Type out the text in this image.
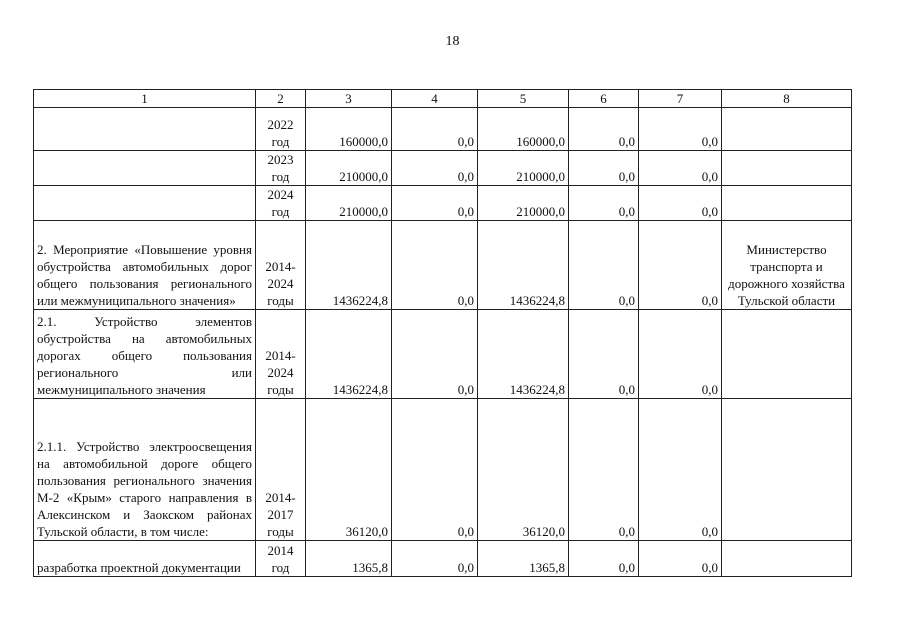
18
1	2	3	4	5	6	7	8
	2022 год	160000,0	0,0	160000,0	0,0	0,0	
	2023 год	210000,0	0,0	210000,0	0,0	0,0	
	2024 год	210000,0	0,0	210000,0	0,0	0,0	
2. Мероприятие «Повышение уровня обустройства автомобильных дорог общего пользования регионального или межмуниципального значения»	2014-2024 годы	1436224,8	0,0	1436224,8	0,0	0,0	Министерство транспорта и дорожного хозяйства Тульской области
2.1. Устройство элементов обустройства на автомобильных дорогах общего пользования регионального или межмуниципального значения	2014-2024 годы	1436224,8	0,0	1436224,8	0,0	0,0	
2.1.1. Устройство электроосвещения на автомобильной дороге общего пользования регионального значения М-2 «Крым» старого направления в Алексинском и Заокском районах Тульской области, в том числе:	2014-2017 годы	36120,0	0,0	36120,0	0,0	0,0	
разработка проектной документации	2014 год	1365,8	0,0	1365,8	0,0	0,0	
